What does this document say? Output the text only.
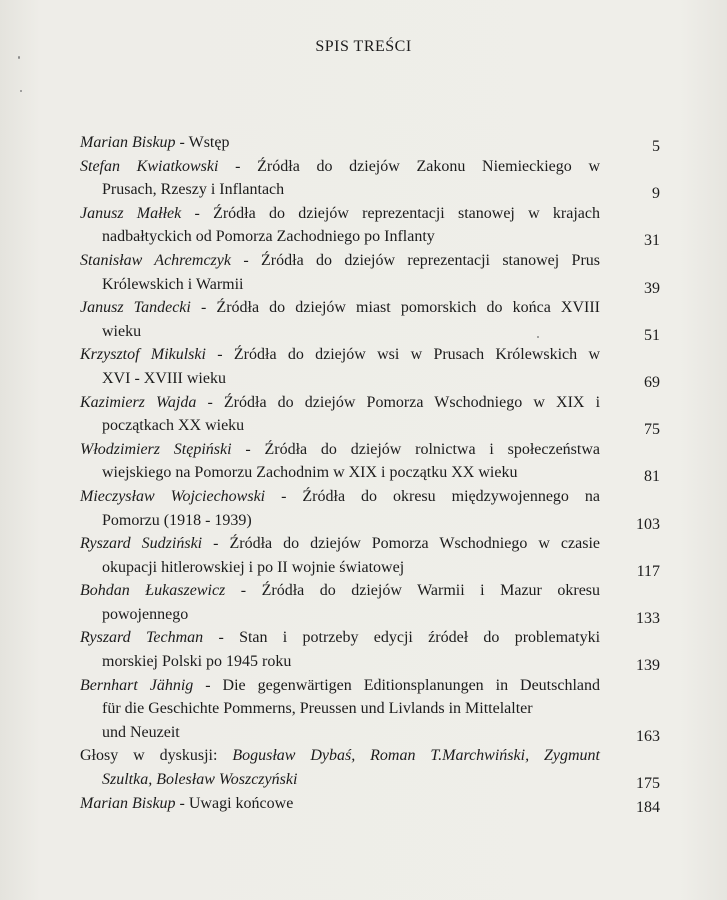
SPIS TREŚCI
Marian Biskup - Wstęp	5
Stefan Kwiatkowski - Źródła do dziejów Zakonu Niemieckiego w
Prusach, Rzeszy i Inflantach	9
Janusz Małłek - Źródła do dziejów reprezentacji stanowej w krajach
nadbałtyckich od Pomorza Zachodniego po Inflanty	31
Stanisław Achremczyk - Źródła do dziejów reprezentacji stanowej Prus
Królewskich i Warmii	39
Janusz Tandecki - Źródła do dziejów miast pomorskich do końca XVIII
wieku	51
Krzysztof Mikulski - Źródła do dziejów wsi w Prusach Królewskich w
XVI - XVIII wieku	69
Kazimierz Wajda - Źródła do dziejów Pomorza Wschodniego w XIX i
początkach XX wieku	75
Włodzimierz Stępiński - Źródła do dziejów rolnictwa i społeczeństwa
wiejskiego na Pomorzu Zachodnim w XIX i początku XX wieku	81
Mieczysław Wojciechowski - Źródła do okresu międzywojennego na
Pomorzu (1918 - 1939)	103
Ryszard Sudziński - Źródła do dziejów Pomorza Wschodniego w czasie
okupacji hitlerowskiej i po II wojnie światowej	117
Bohdan Łukaszewicz - Źródła do dziejów Warmii i Mazur okresu
powojennego	133
Ryszard Techman - Stan i potrzeby edycji źródeł do problematyki
morskiej Polski po 1945 roku	139
Bernhart Jähnig - Die gegenwärtigen Editionsplanungen in Deutschland
für die Geschichte Pommerns, Preussen und Livlands in Mittelalter
und Neuzeit	163
Głosy w dyskusji: Bogusław Dybaś, Roman T.Marchwiński, Zygmunt
Szultka, Bolesław Woszczyński	175
Marian Biskup - Uwagi końcowe	184
